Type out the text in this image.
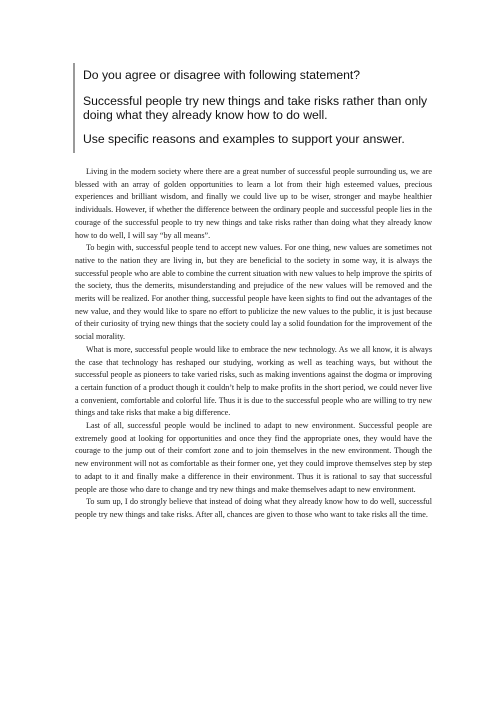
Do you agree or disagree with following statement?
Successful people try new things and take risks rather than only
doing what they already know how to do well.
Use specific reasons and examples to support your answer.

Living in the modern society where there are a great number of successful people surrounding us, we are blessed with an array of golden opportunities to learn a lot from their high esteemed values, precious experiences and brilliant wisdom, and finally we could live up to be wiser, stronger and maybe healthier individuals. However, if whether the difference between the ordinary people and successful people lies in the courage of the successful people to try new things and take risks rather than doing what they already know how to do well, I will say “by all means”.

To begin with, successful people tend to accept new values. For one thing, new values are sometimes not native to the nation they are living in, but they are beneficial to the society in some way, it is always the successful people who are able to combine the current situation with new values to help improve the spirits of the society, thus the demerits, misunderstanding and prejudice of the new values will be removed and the merits will be realized. For another thing, successful people have keen sights to find out the advantages of the new value, and they would like to spare no effort to publicize the new values to the public, it is just because of their curiosity of trying new things that the society could lay a solid foundation for the improvement of the social morality.

What is more, successful people would like to embrace the new technology. As we all know, it is always the case that technology has reshaped our studying, working as well as teaching ways, but without the successful people as pioneers to take varied risks, such as making inventions against the dogma or improving a certain function of a product though it couldn’t help to make profits in the short period, we could never live a convenient, comfortable and colorful life. Thus it is due to the successful people who are willing to try new things and take risks that make a big difference.

Last of all, successful people would be inclined to adapt to new environment. Successful people are extremely good at looking for opportunities and once they find the appropriate ones, they would have the courage to the jump out of their comfort zone and to join themselves in the new environment. Though the new environment will not as comfortable as their former one, yet they could improve themselves step by step to adapt to it and finally make a difference in their environment. Thus it is rational to say that successful people are those who dare to change and try new things and make themselves adapt to new environment.

To sum up, I do strongly believe that instead of doing what they already know how to do well, successful people try new things and take risks. After all, chances are given to those who want to take risks all the time.
